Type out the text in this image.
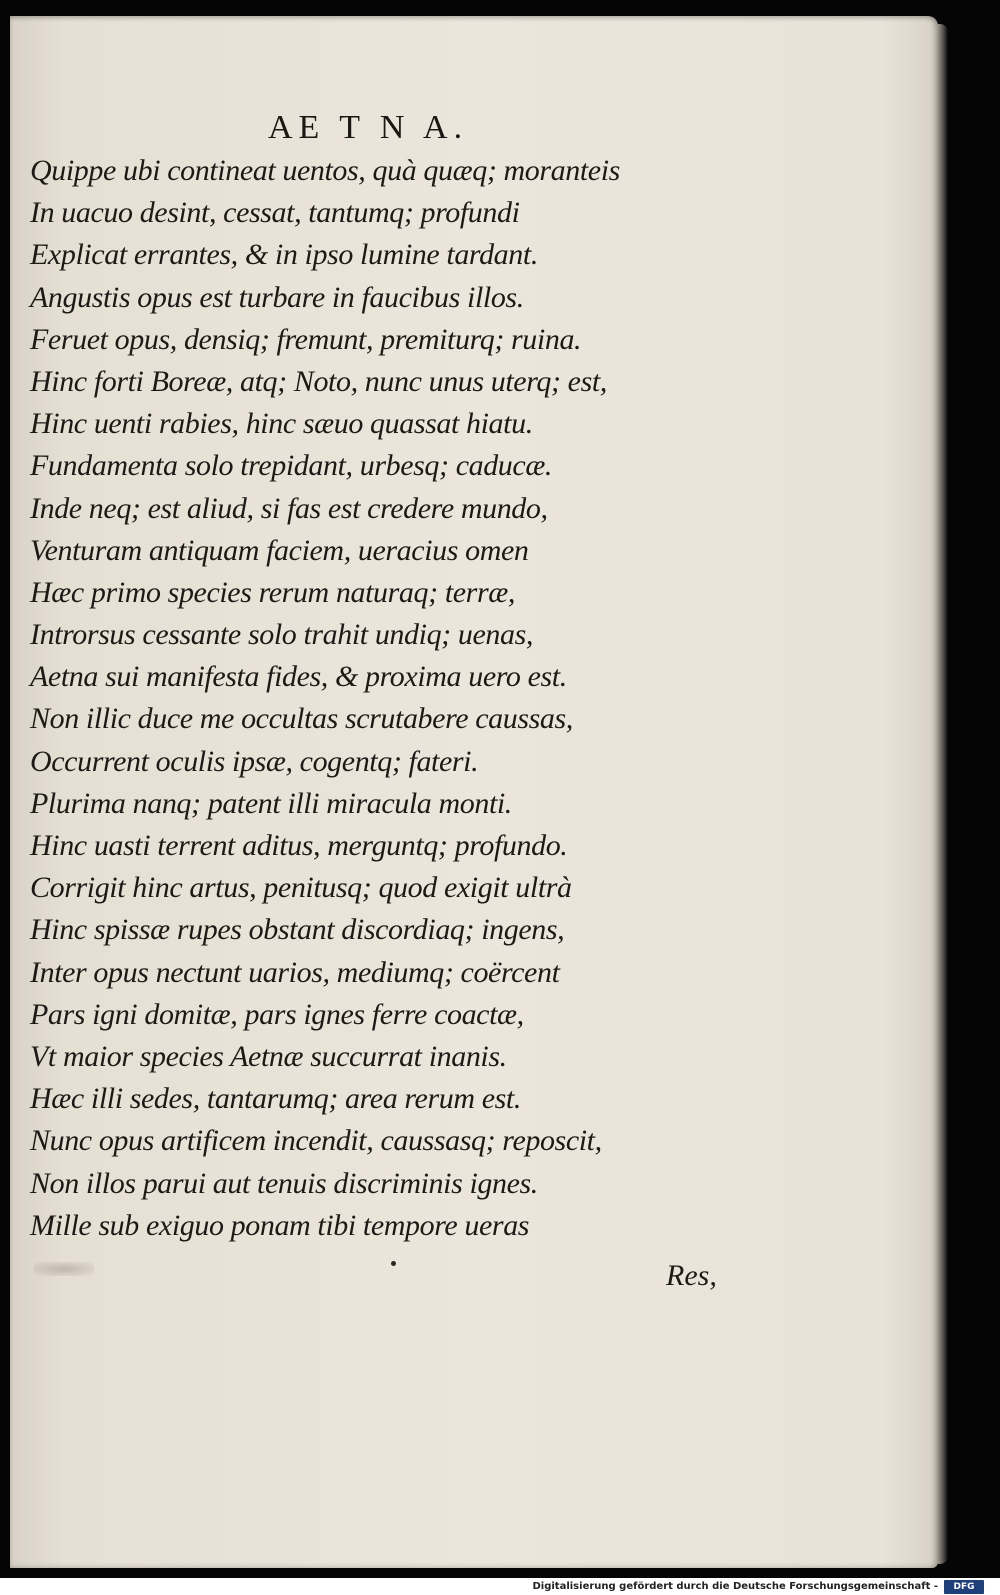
AE T N A.
Quippe ubi contineat uentos, quà quæq; moranteis
In uacuo desint, cessat, tantumq; profundi
Explicat errantes, & in ipso lumine tardant.
Angustis opus est turbare in faucibus illos.
Feruet opus, densiq; fremunt, premiturq; ruina.
Hinc forti Boreæ, atq; Noto, nunc unus uterq; est,
Hinc uenti rabies, hinc sæuo quassat hiatu.
Fundamenta solo trepidant, urbesq; caducæ.
Inde neq; est aliud, si fas est credere mundo,
Venturam antiquam faciem, ueracius omen
Hæc primo species rerum naturaq; terræ,
Introrsus cessante solo trahit undiq; uenas,
Aetna sui manifesta fides, & proxima uero est.
Non illic duce me occultas scrutabere caussas,
Occurrent oculis ipsæ, cogentq; fateri.
Plurima nanq; patent illi miracula monti.
Hinc uasti terrent aditus, merguntq; profundo.
Corrigit hinc artus, penitusq; quod exigit ultrà
Hinc spissæ rupes obstant discordiaq; ingens,
Inter opus nectunt uarios, mediumq; coërcent
Pars igni domitæ, pars ignes ferre coactæ,
Vt maior species Aetnæ succurrat inanis.
Hæc illi sedes, tantarumq; area rerum est.
Nunc opus artificem incendit, caussasq; reposcit,
Non illos parui aut tenuis discriminis ignes.
Mille sub exiguo ponam tibi tempore ueras
Res,
Digitalisierung gefördert durch die Deutsche Forschungsgemeinschaft -	DFG
